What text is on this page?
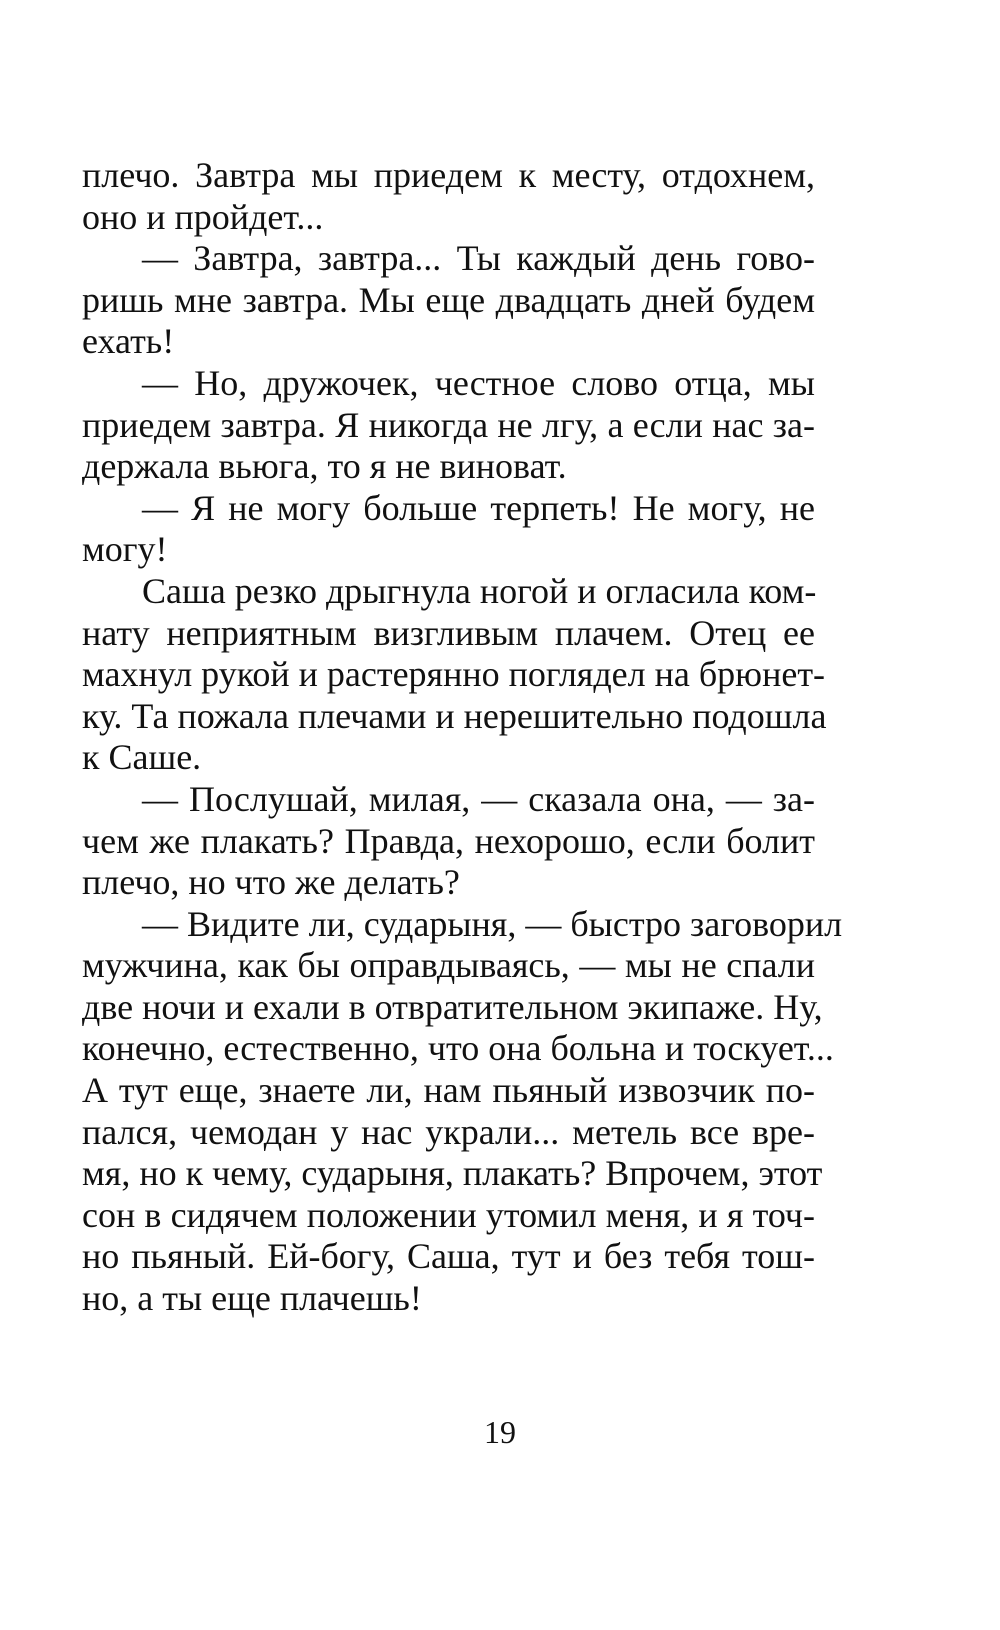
плечо. Завтра мы приедем к месту, отдохнем,
оно и пройдет...
— Завтра, завтра... Ты каждый день гово-
ришь мне завтра. Мы еще двадцать дней будем
ехать!
— Но, дружочек, честное слово отца, мы
приедем завтра. Я никогда не лгу, а если нас за-
держала вьюга, то я не виноват.
— Я не могу больше терпеть! Не могу, не
могу!
Саша резко дрыгнула ногой и огласила ком-
нату неприятным визгливым плачем. Отец ее
махнул рукой и растерянно поглядел на брюнет-
ку. Та пожала плечами и нерешительно подошла
к Саше.
— Послушай, милая, — сказала она, — за-
чем же плакать? Правда, нехорошо, если болит
плечо, но что же делать?
— Видите ли, сударыня, — быстро заговорил
мужчина, как бы оправдываясь, — мы не спали
две ночи и ехали в отвратительном экипаже. Ну,
конечно, естественно, что она больна и тоскует...
А тут еще, знаете ли, нам пьяный извозчик по-
пался, чемодан у нас украли... метель все вре-
мя, но к чему, сударыня, плакать? Впрочем, этот
сон в сидячем положении утомил меня, и я точ-
но пьяный. Ей-богу, Саша, тут и без тебя тош-
но, а ты еще плачешь!
19
